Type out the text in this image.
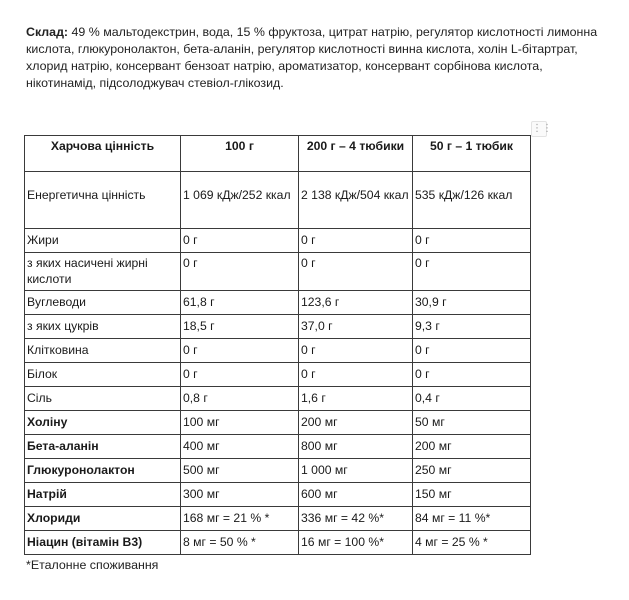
Склад: 49 % мальтодекстрин, вода, 15 % фруктоза, цитрат натрію, регулятор кислотності лимонна кислота, глюкуронолактон, бета-аланін, регулятор кислотності винна кислота, холін L-бітартрат, хлорид натрію, консервант бензоат натрію, ароматизатор, консервант сорбінова кислота, нікотинамід, підсолоджувач стевіол-глікозид.
⋮⋮
Харчова цінність	100 г	200 г – 4 тюбики	50 г – 1 тюбик
Енергетична цінність	1 069 кДж/252 ккал	2 138 кДж/504 ккал	535 кДж/126 ккал
Жири	0 г	0 г	0 г
з яких насичені жирні кислоти	0 г	0 г	0 г
Вуглеводи	61,8 г	123,6 г	30,9 г
з яких цукрів	18,5 г	37,0 г	9,3 г
Клітковина	0 г	0 г	0 г
Білок	0 г	0 г	0 г
Сіль	0,8 г	1,6 г	0,4 г
Холіну	100 мг	200 мг	50 мг
Бета-аланін	400 мг	800 мг	200 мг
Глюкуронолактон	500 мг	1 000 мг	250 мг
Натрій	300 мг	600 мг	150 мг
Хлориди	168 мг = 21 % *	336 мг = 42 %*	84 мг = 11 %*
Ніацин (вітамін B3)	8 мг = 50 % *	16 мг = 100 %*	4 мг = 25 % *
*Еталонне споживання
